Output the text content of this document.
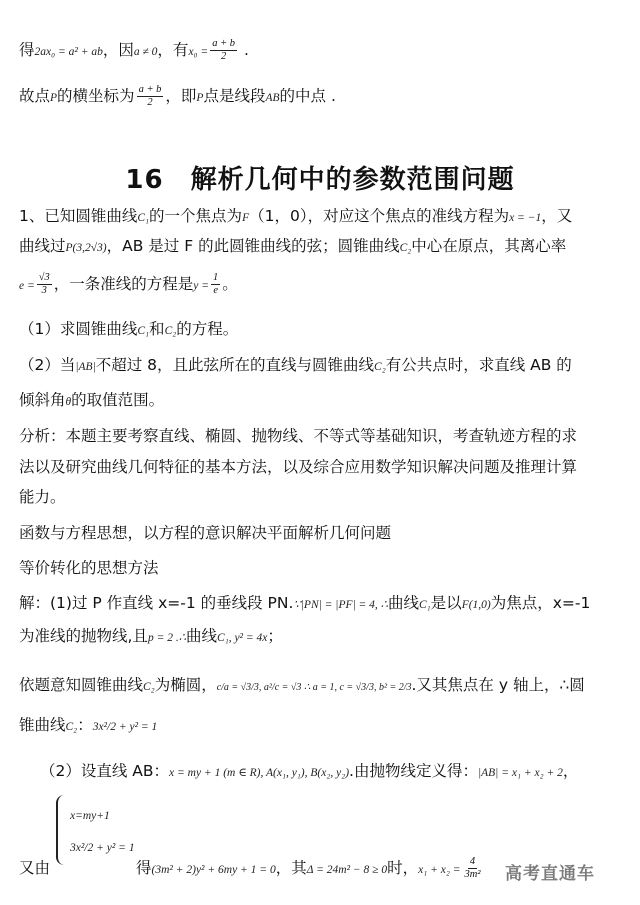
得2ax₀ = a² + ab，因a ≠ 0，有$x_0 = \frac{a + b}{2}$ .
故点P的横坐标为 $\frac{a + b}{2}$ ，即P点是线段AB的中点 .
16　解析几何中的参数范围问题
1、已知圆锥曲线C₁的一个焦点为F（1，0），对应这个焦点的准线方程为x = −1，又
曲线过P(3,2√3)，AB 是过 F 的此圆锥曲线的弦；圆锥曲线C₂中心在原点，其离心率
$e = \frac{√3}{3}$ ，一条准线的方程是$y = \frac{1}{e}$ 。
（1）求圆锥曲线C₁和C₂的方程。
（2）当|AB|不超过 8，且此弦所在的直线与圆锥曲线C₂有公共点时，求直线 AB 的
倾斜角θ的取值范围。
分析：本题主要考察直线、椭圆、抛物线、不等式等基础知识，考查轨迹方程的求
法以及研究曲线几何特征的基本方法，以及综合应用数学知识解决问题及推理计算
能力。
函数与方程思想，以方程的意识解决平面解析几何问题
等价转化的思想方法
解：(1)过 P 作直线 x=-1 的垂线段 PN.∵|PN| = |PF| = 4, ∴曲线C₁是以F(1,0)为焦点，x=-1
为准线的抛物线,且p = 2 .∴曲线C₁, y² = 4x；
依题意知圆锥曲线C₂为椭圆，c/a = √3/3, a²/c = √3 ∴ a = 1, c = √3/3, b² = 2/3.又其焦点在 y 轴上，∴圆
锥曲线C₂：3x²/2 + y² = 1
（2）设直线 AB：x = my + 1 (m ∈ R), A(x₁, y₁), B(x₂, y₂).由抛物线定义得：|AB| = x₁ + x₂ + 2，
x=my+1
3x²/2 + y² = 1
又由	得(3m² + 2)y² + 6my + 1 = 0，其Δ = 24m² − 8 ≥ 0时，$x_1 + x_2 = \frac{4}{\text{3m²}}$ 高考直通车
